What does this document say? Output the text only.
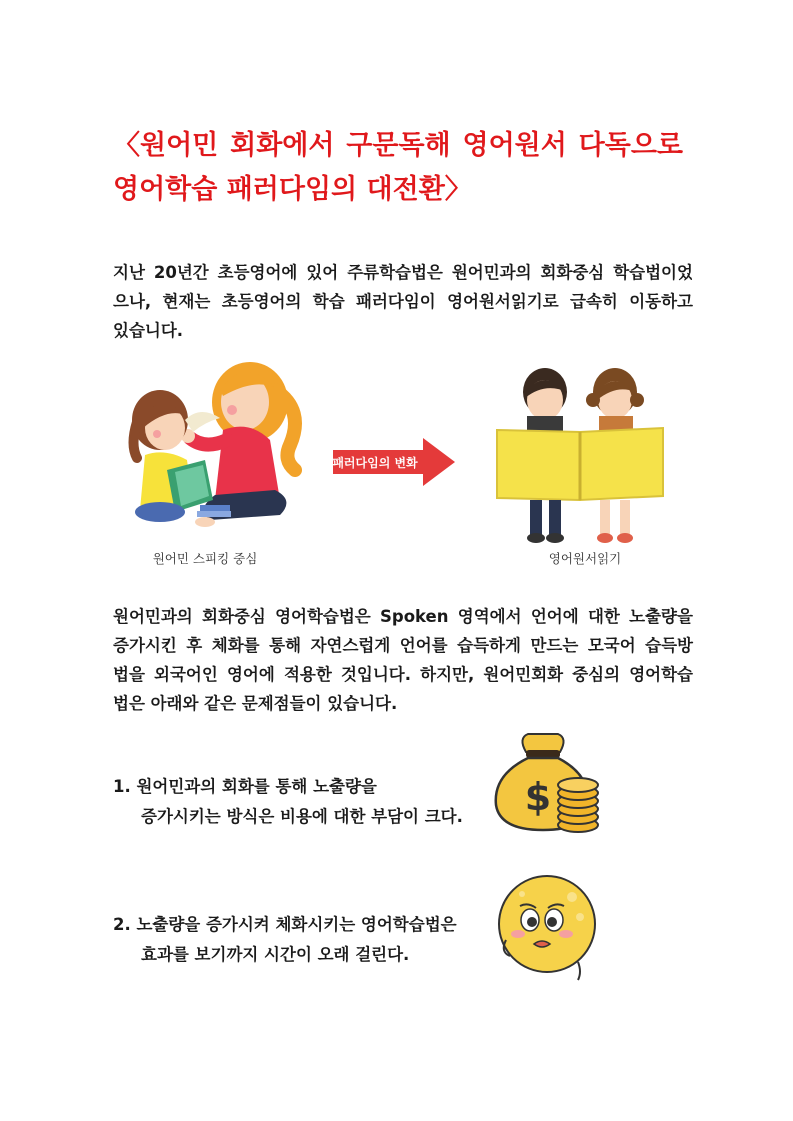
〈원어민 회화에서 구문독해 영어원서 다독으로
영어학습 패러다임의 대전환〉
지난 20년간 초등영어에 있어 주류학습법은 원어민과의 회화중심 학습법이었
으나, 현재는 초등영어의 학습 패러다임이 영어원서읽기로 급속히 이동하고
있습니다.
패러다임의 변화
원어민 스피킹 중심	영어원서읽기
원어민과의 회화중심 영어학습법은 Spoken 영역에서 언어에 대한 노출량을
증가시킨 후 체화를 통해 자연스럽게 언어를 습득하게 만드는 모국어 습득방
법을 외국어인 영어에 적용한 것입니다. 하지만, 원어민회화 중심의 영어학습
법은 아래와 같은 문제점들이 있습니다.
1. 원어민과의 회화를 통해 노출량을
증가시키는 방식은 비용에 대한 부담이 크다. $
2. 노출량을 증가시켜 체화시키는 영어학습법은
효과를 보기까지 시간이 오래 걸린다.
